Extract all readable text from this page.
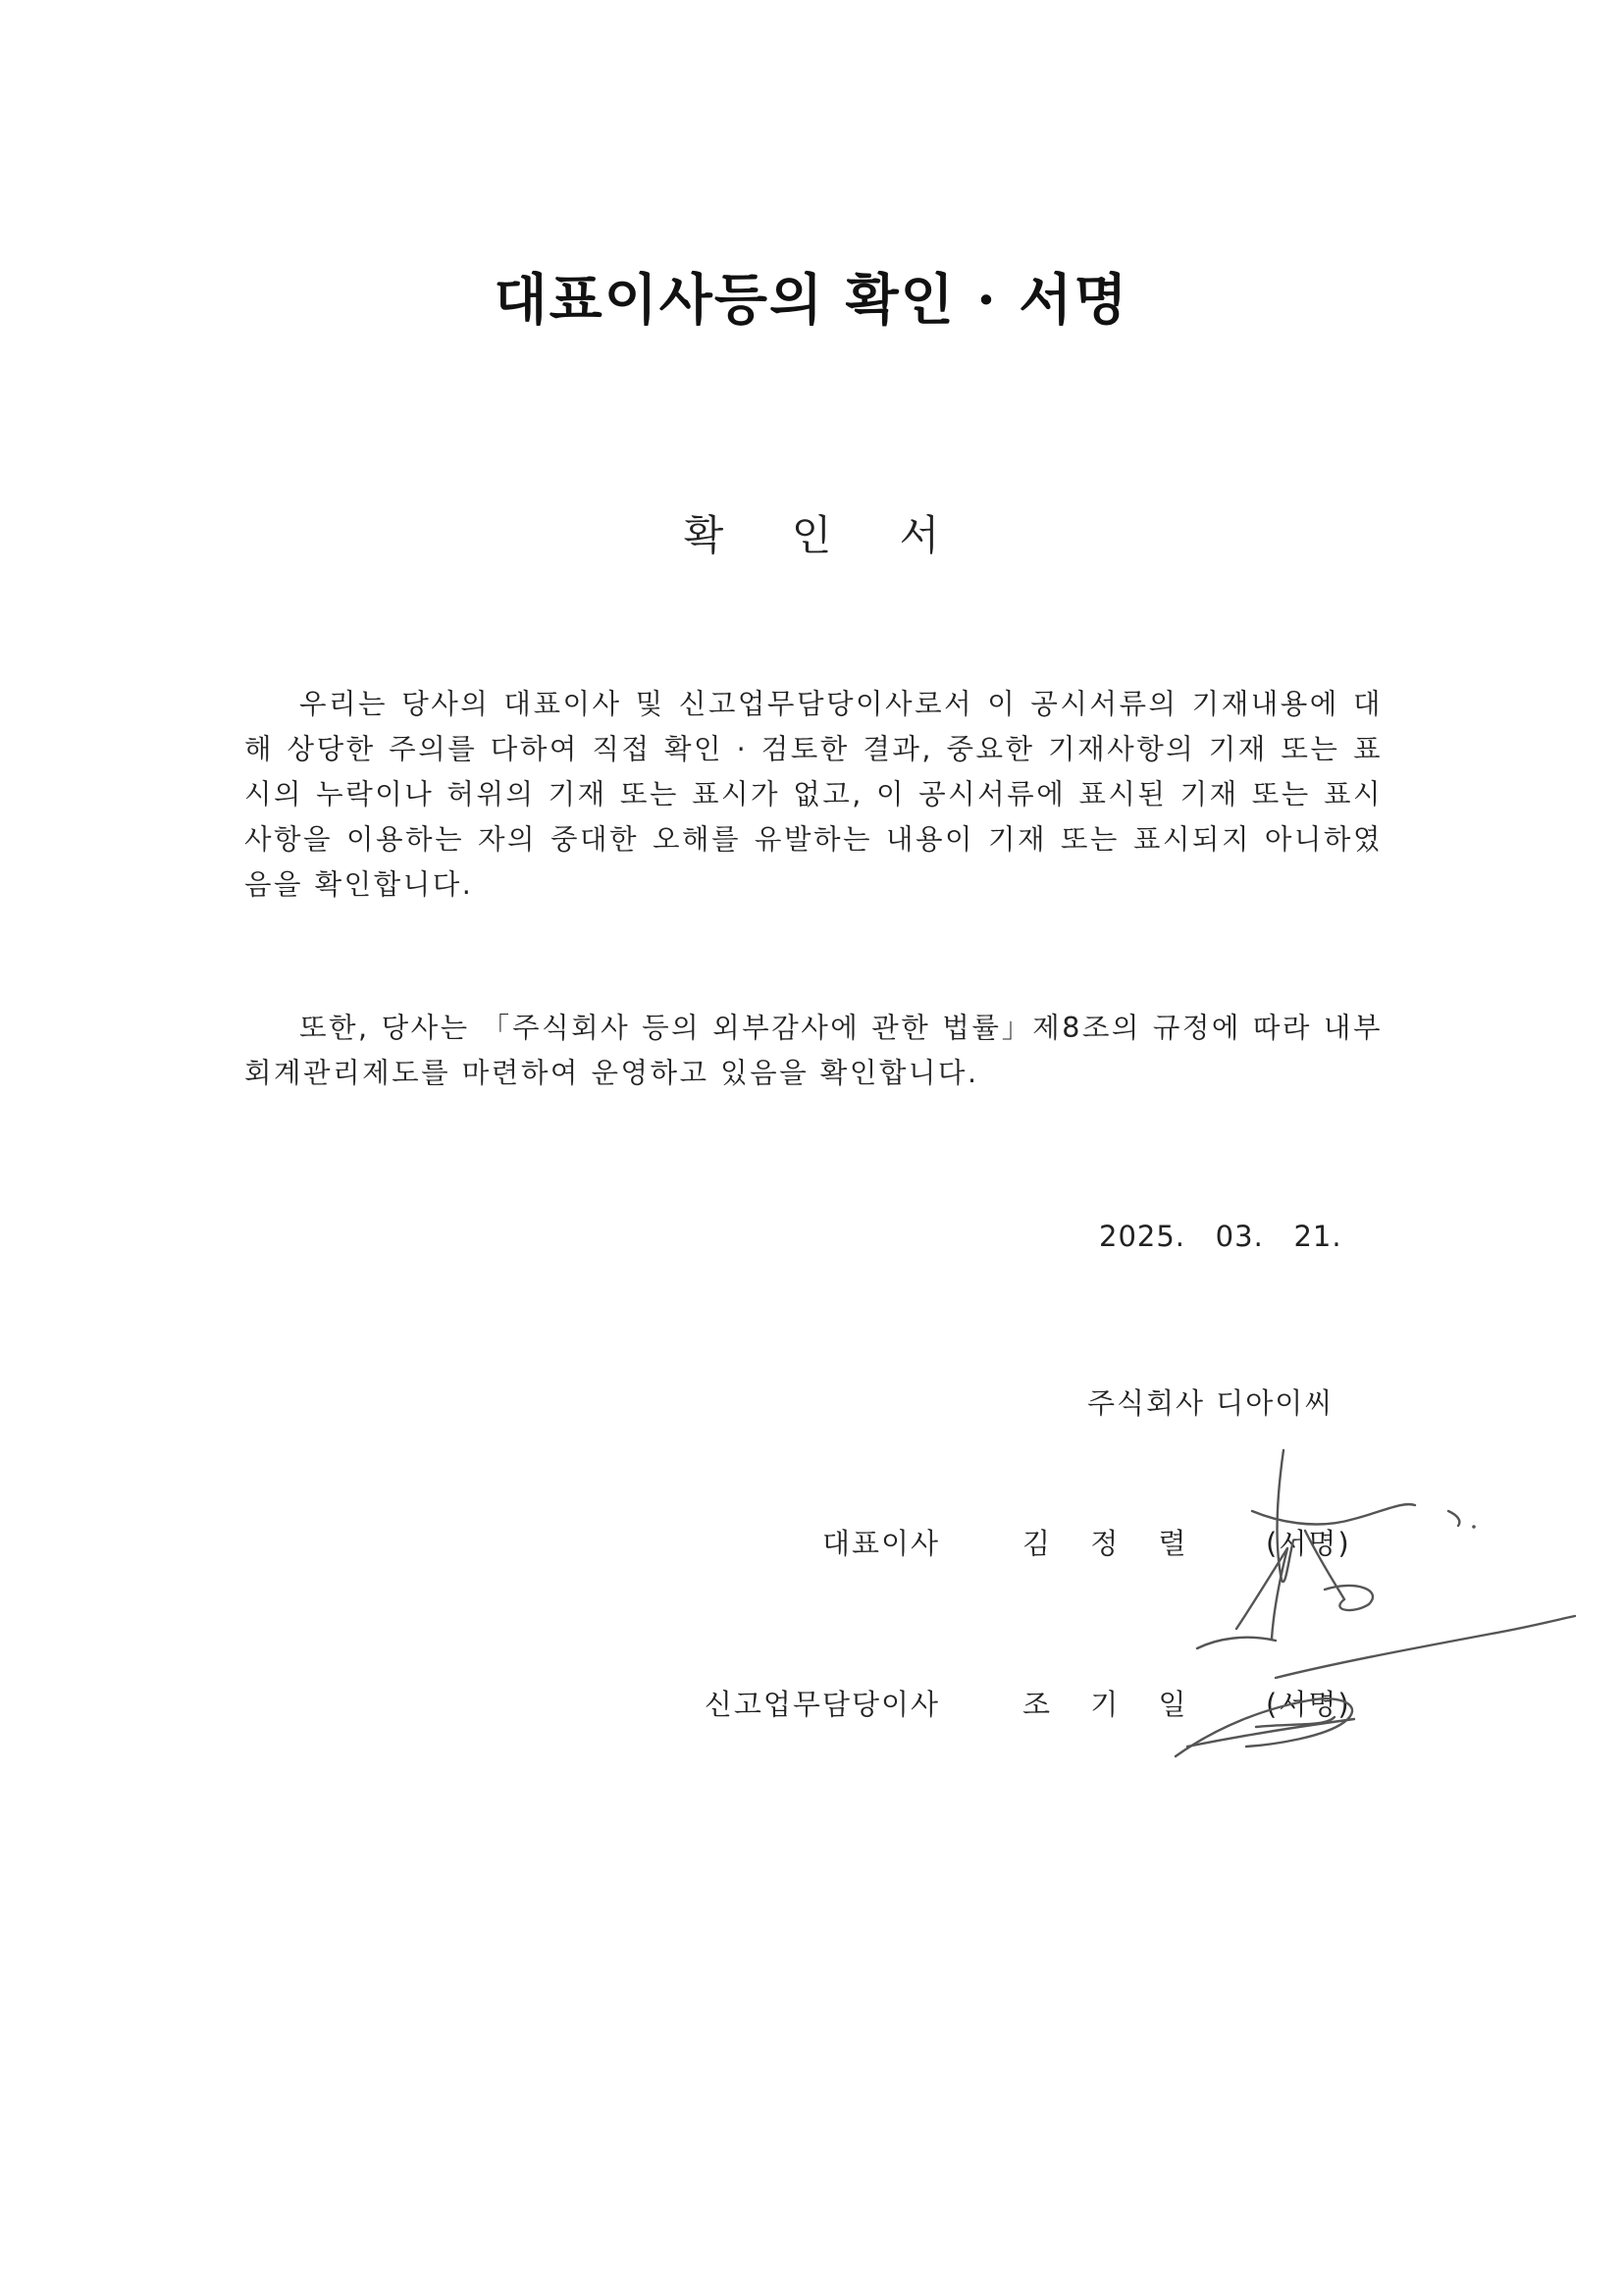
대표이사등의 확인 · 서명
확 인 서
우리는 당사의 대표이사 및 신고업무담당이사로서 이 공시서류의 기재내용에 대해 상당한 주의를 다하여 직접 확인 · 검토한 결과, 중요한 기재사항의 기재 또는 표시의 누락이나 허위의 기재 또는 표시가 없고, 이 공시서류에 표시된 기재 또는 표시사항을 이용하는 자의 중대한 오해를 유발하는 내용이 기재 또는 표시되지 아니하였음을 확인합니다.
또한, 당사는 「주식회사 등의 외부감사에 관한 법률」제8조의 규정에 따라 내부회계관리제도를 마련하여 운영하고 있음을 확인합니다.
2025.   03.   21.
주식회사 디아이씨
대표이사	김 정 렬 (서명)
신고업무담당이사	조 기 일 (서명)
